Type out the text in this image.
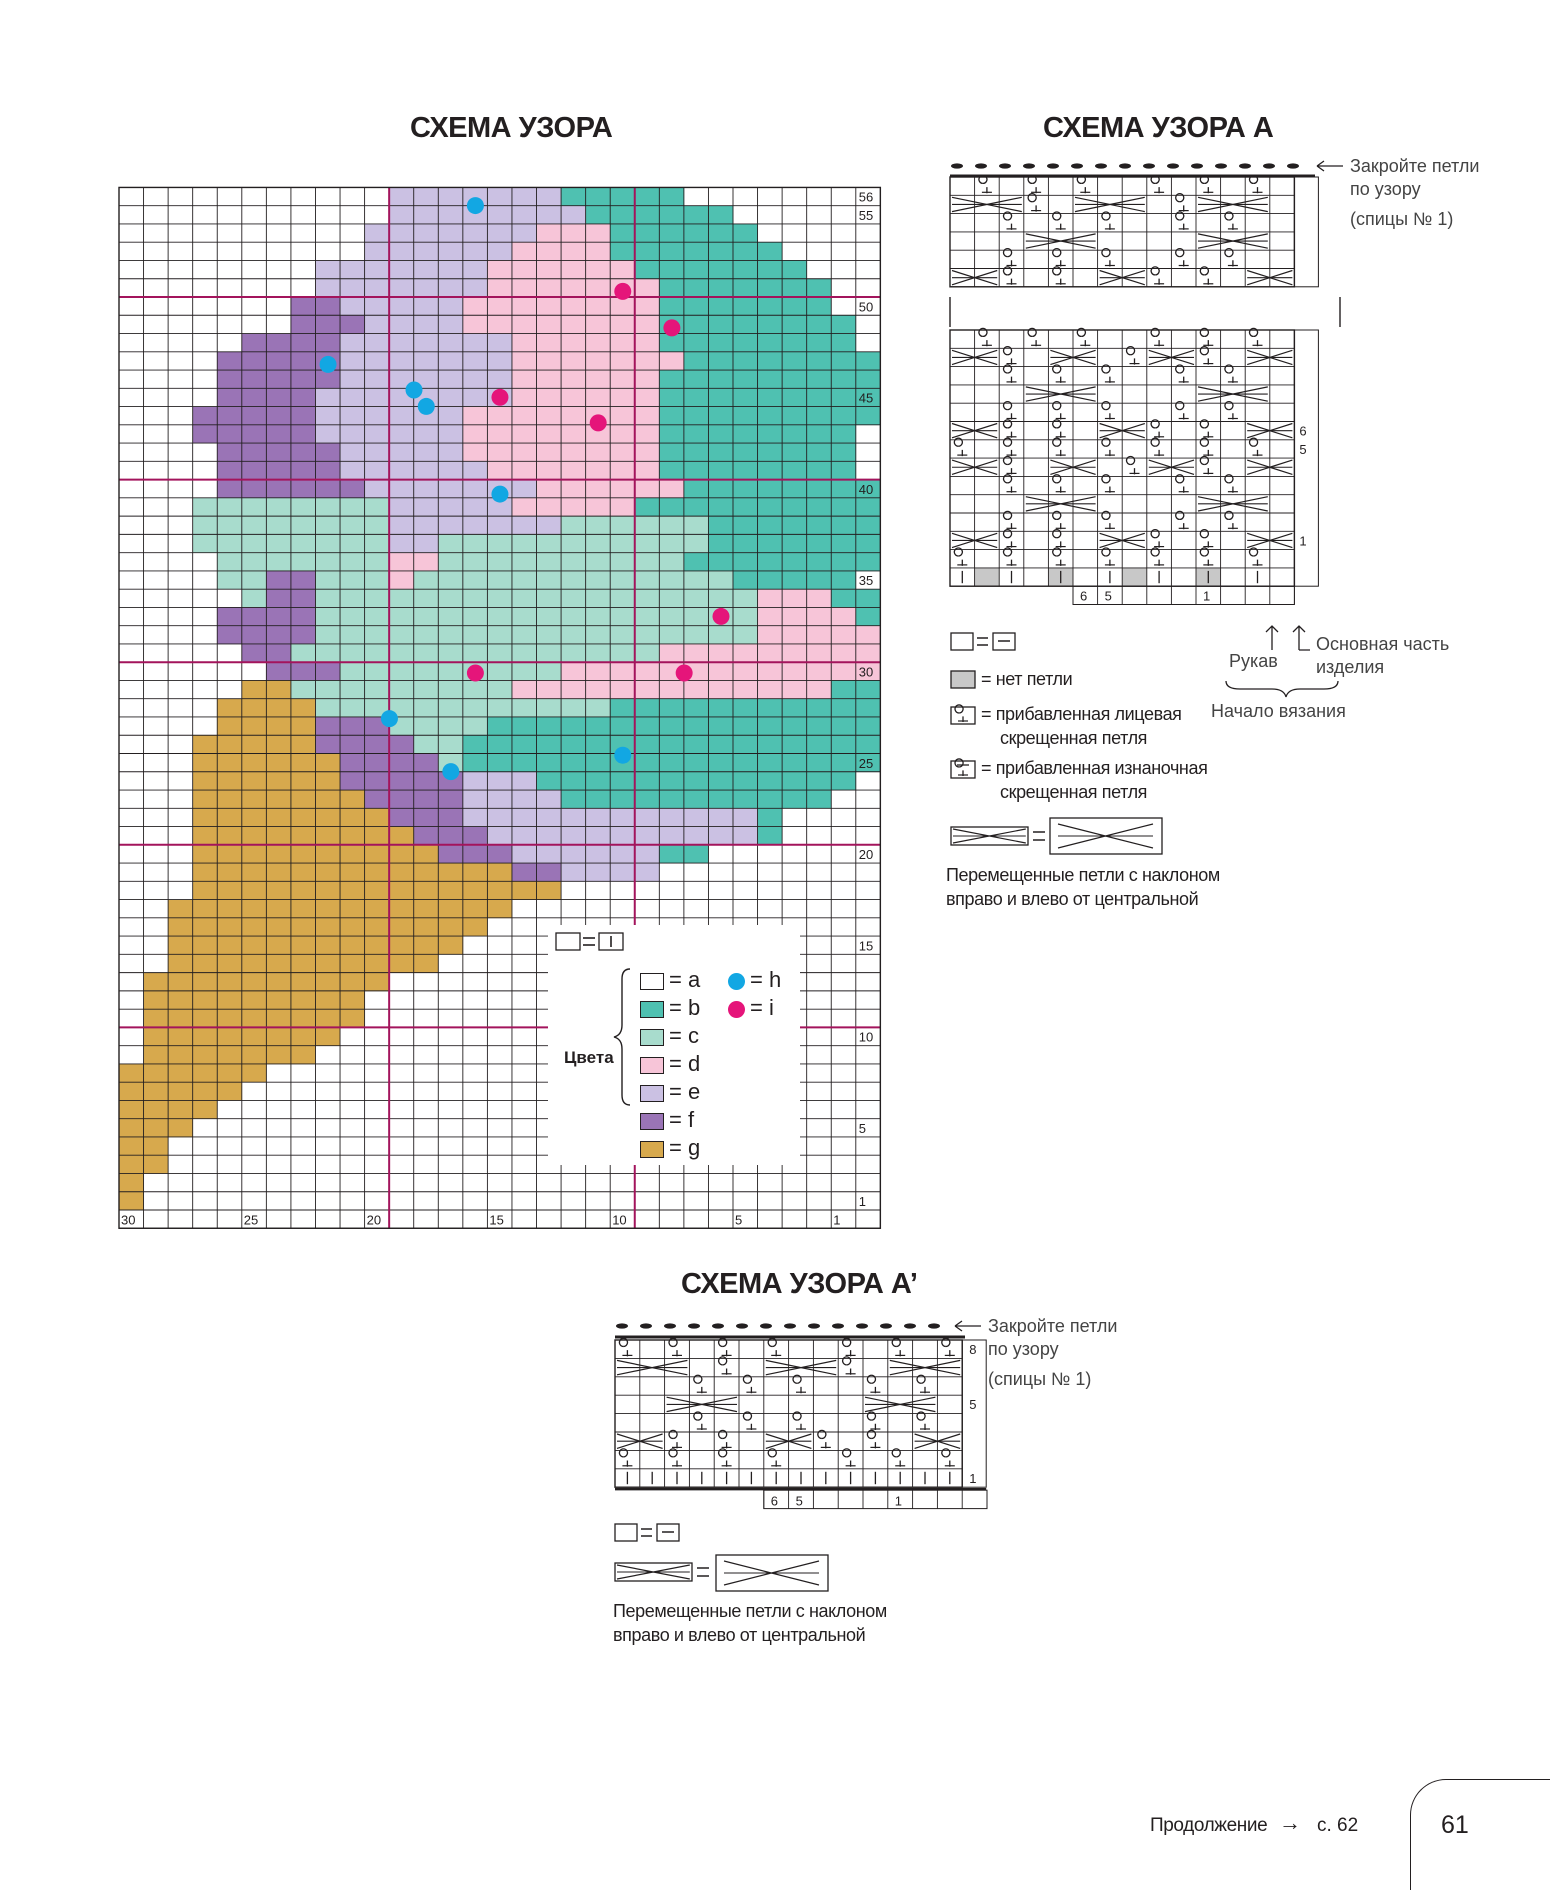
СХЕМА УЗОРА
1
5
10
15
20
25
30
35
40
45
50
55
56
30	25	20	15	10	5	1
Цвета
= a
= b
= c
= d
= e
= f
= g
= h
= i
СХЕМА УЗОРА А
6
5
1
6 5	1
Закройте петли
по узору
(спицы № 1)
Рукав
Основная часть
изделия
Начало вязания
= нет петли
= прибавленная лицевая
скрещенная петля
= прибавленная изнаночная
скрещенная петля
Перемещенные петли с наклоном
вправо и влево от центральной
СХЕМА УЗОРА А’
8
5
1
6 5	1
Закройте петли
по узору
(спицы № 1)
Перемещенные петли с наклоном
вправо и влево от центральной
Продолжение → с. 62	61
